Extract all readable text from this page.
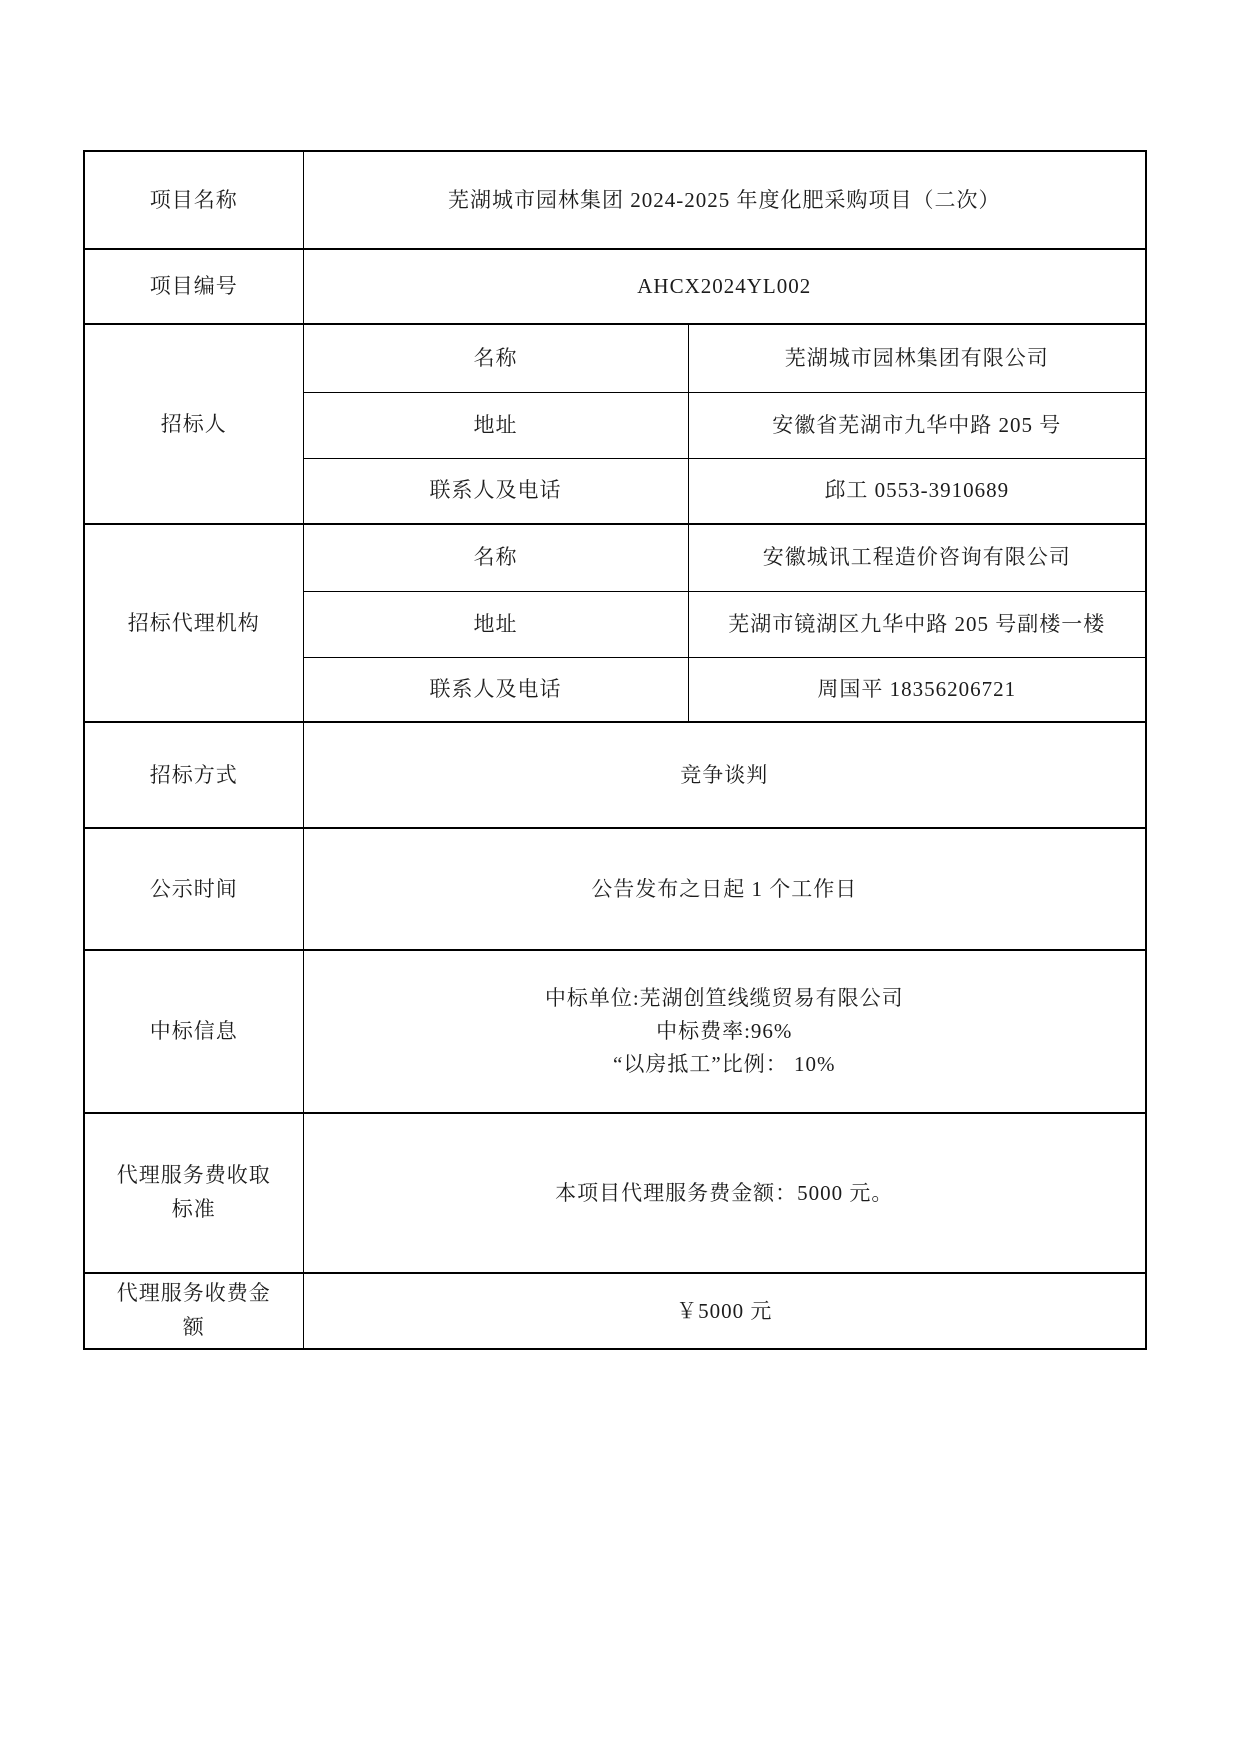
项目名称	芜湖城市园林集团 2024-2025 年度化肥采购项目（二次）	
项目编号	AHCX2024YL002	
招标人	名称	芜湖城市园林集团有限公司
	地址	安徽省芜湖市九华中路 205 号
	联系人及电话	邱工 0553-3910689
招标代理机构	名称	安徽城讯工程造价咨询有限公司
	地址	芜湖市镜湖区九华中路 205 号副楼一楼
	联系人及电话	周国平 18356206721
招标方式	竞争谈判	
公示时间	公告发布之日起 1 个工作日	
中标信息	中标单位:芜湖创笪线缆贸易有限公司
中标费率:96%
“以房抵工”比例： 10%	

代理服务费收取标准	本项目代理服务费金额：5000 元。	
代理服务收费金额	￥5000 元	
